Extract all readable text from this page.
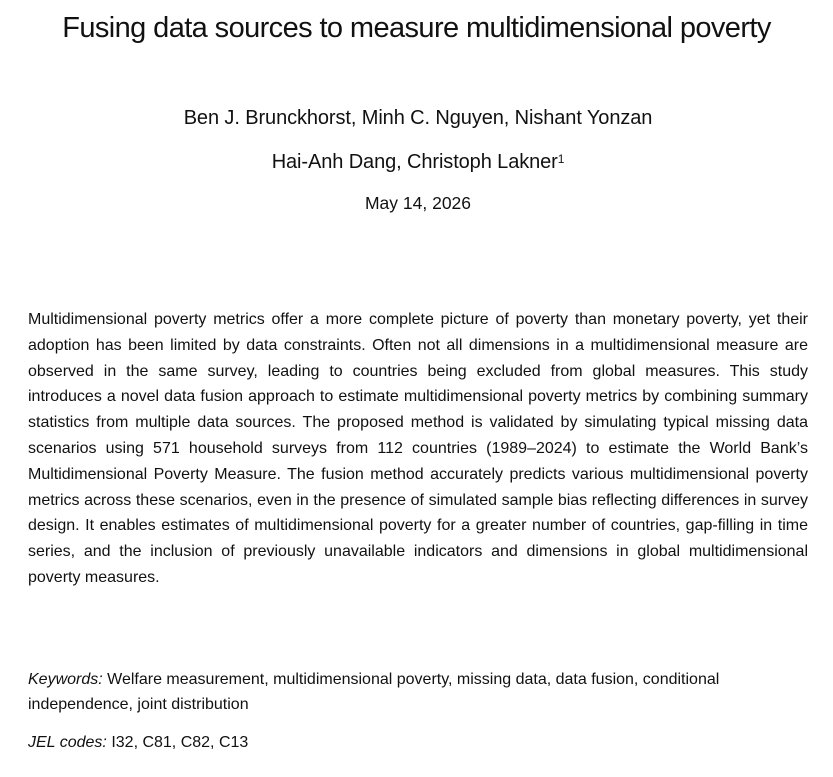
Fusing data sources to measure multidimensional poverty
Ben J. Brunckhorst, Minh C. Nguyen, Nishant Yonzan
Hai-Anh Dang, Christoph Lakner$^1$
May 14, 2026

Multidimensional poverty metrics offer a more complete picture of poverty than monetary poverty, yet their adoption has been limited by data constraints. Often not all dimensions in a multidimensional measure are observed in the same survey, leading to countries being excluded from global measures. This study introduces a novel data fusion approach to estimate multidimensional poverty metrics by combining summary statistics from multiple data sources. The proposed method is validated by simulating typical missing data scenarios using 571 household surveys from 112 countries (1989–2024) to estimate the World Bank’s Multidimensional Poverty Measure. The fusion method accurately predicts various multidimensional poverty metrics across these scenarios, even in the presence of simulated sample bias reflecting differences in survey design. It enables estimates of multidimensional poverty for a greater number of countries, gap-filling in time series, and the inclusion of previously unavailable indicators and dimensions in global multidimensional poverty measures.

Keywords: Welfare measurement, multidimensional poverty, missing data, data fusion, conditional independence, joint distribution

JEL codes: I32, C81, C82, C13
